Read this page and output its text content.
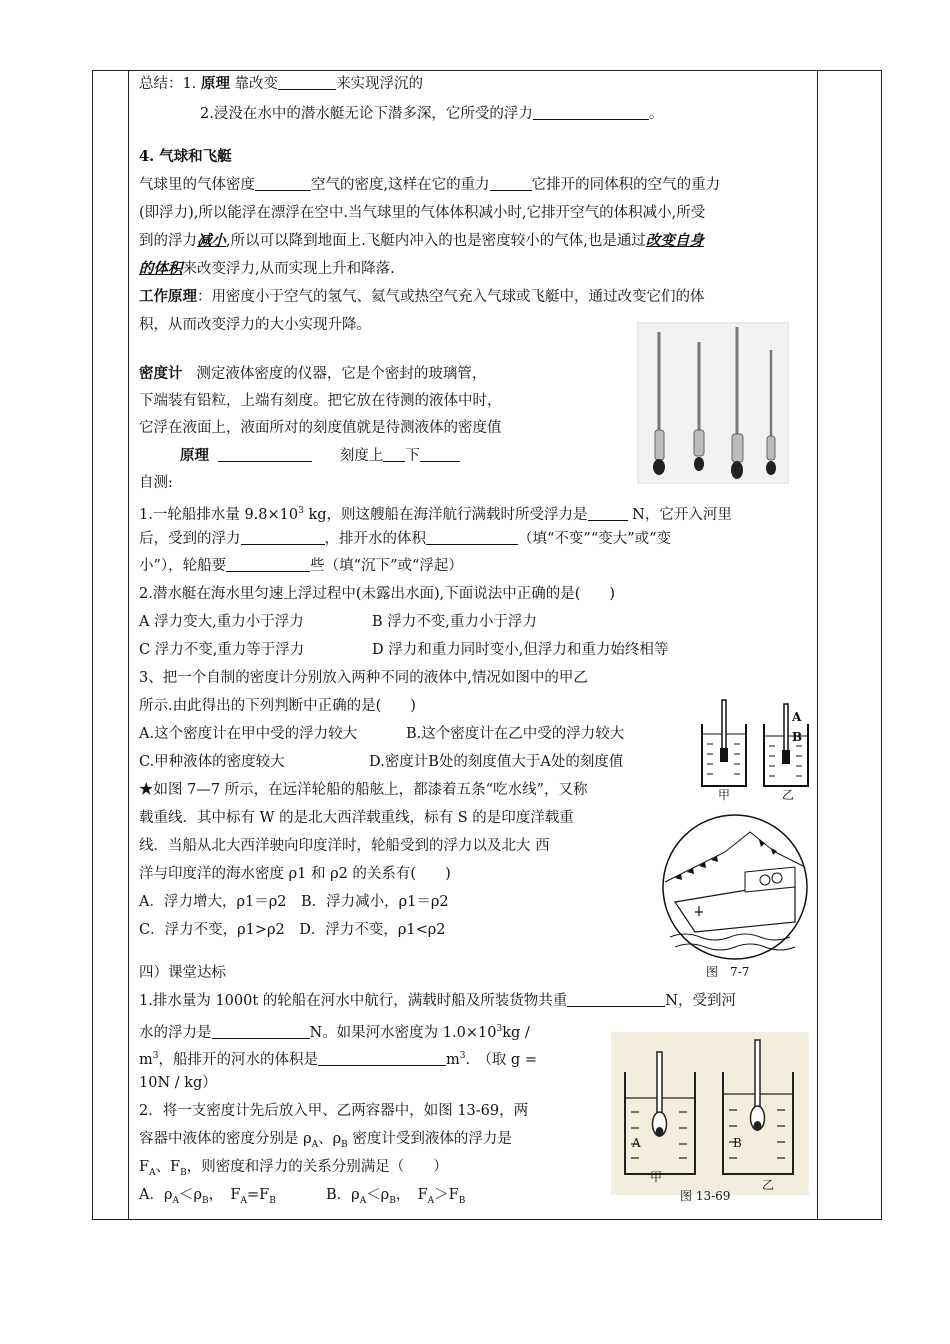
总结：1. 原理 靠改变	来实现浮沉的
2.浸没在水中的潜水艇无论下潜多深，它所受的浮力	。
4. 气球和飞艇
气球里的气体密度	空气的密度,这样在它的重力	它排开的同体积的空气的重力
(即浮力),所以能浮在漂浮在空中.当气球里的气体体积减小时,它排开空气的体积减小,所受
到的浮力减小,所以可以降到地面上.飞艇内冲入的也是密度较小的气体,也是通过改变自身
的体积来改变浮力,从而实现上升和降落.
工作原理：用密度小于空气的氢气、氦气或热空气充入气球或飞艇中，通过改变它们的体
积，从而改变浮力的大小实现升降。
密度计 测定液体密度的仪器，它是个密封的玻璃管，
下端装有铅粒，上端有刻度。把它放在待测的液体中时，
它浮在液面上，液面所对的刻度值就是待测液体的密度值
原理	刻度上 下
自测:
1.一轮船排水量 $9.8\times 10^3$ kg，则这艘船在海洋航行满载时所受浮力是	N，它开入河里
后，受到的浮力	，排开水的体积	（填“不变”“变大”或“变
小”），轮船要	些（填“沉下”或“浮起）
2.潜水艇在海水里匀速上浮过程中(未露出水面),下面说法中正确的是(　　)
A 浮力变大,重力小于浮力	B 浮力不变,重力小于浮力
C 浮力不变,重力等于浮力	D 浮力和重力同时变小,但浮力和重力始终相等
3、把一个自制的密度计分别放入两种不同的液体中,情况如图中的甲乙
所示.由此得出的下列判断中正确的是(　　)
A.这个密度计在甲中受的浮力较大	B.这个密度计在乙中受的浮力较大
C.甲种液体的密度较大	D.密度计B处的刻度值大于A处的刻度值
A
B
甲	乙
★如图 7—7 所示，在远洋轮船的船舷上，都漆着五条“吃水线”，又称
载重线．其中标有 W 的是北大西洋载重线，标有 S 的是印度洋载重
线．当船从北大西洋驶向印度洋时，轮船受到的浮力以及北大 西
洋与印度洋的海水密度 ρ1 和 ρ2 的关系有(　　)
A．浮力增大，ρ1＝ρ2　B．浮力减小，ρ1＝ρ2
C．浮力不变，ρ1>ρ2　D．浮力不变，ρ1<ρ2
图　7-7
四）课堂达标
1.排水量为 1000t 的轮船在河水中航行，满载时船及所装货物共重	N，受到河
水的浮力是	N。如果河水密度为 $1.0\times 10^3kg$ /
$m^3$，船排开的河水的体积是	$m^3$.　（取 g =
10N / kg）
2．将一支密度计先后放入甲、乙两容器中，如图 13-69，两
容器中液体的密度分别是 $\rho_A$、$\rho_B$ 密度计受到液体的浮力是
$F_A$、$F_B$，则密度和浮力的关系分别满足（　　）
A．$\rho_A<\rho_B$，　$F_A=F_B$	B．$\rho_A<\rho_B$，　$F_A>F_B$
A	B
甲
乙
图 13-69
